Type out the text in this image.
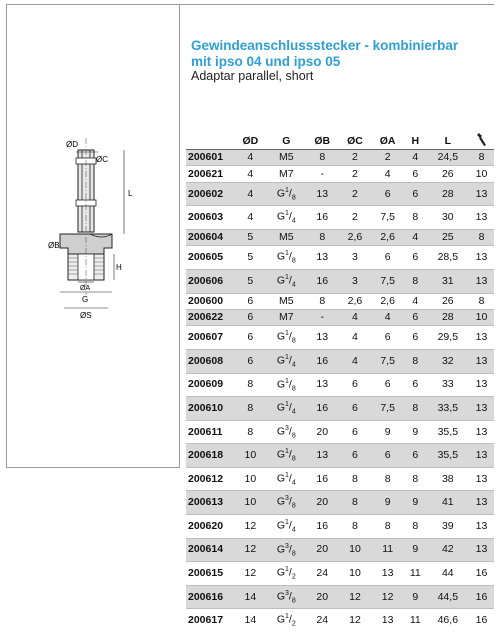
Gewindeanschlussstecker - kombinierbar
mit ipso 04 und ipso 05
Adaptar parallel, short
ØD
ØC
L
H
ØA
G
ØS
ØB
	ØD	G	ØB	ØC	ØA	H	L	
200601	4	M5	8	2	2	4	24,5	8
200621	4	M7	-	2	4	6	26	10
200602	4	$G^1/_8$	13	2	6	6	28	13
200603	4	$G^1/_4$	16	2	7,5	8	30	13
200604	5	M5	8	2,6	2,6	4	25	8
200605	5	$G^1/_8$	13	3	6	6	28,5	13
200606	5	$G^1/_4$	16	3	7,5	8	31	13
200600	6	M5	8	2,6	2,6	4	26	8
200622	6	M7	-	4	4	6	28	10
200607	6	$G^1/_8$	13	4	6	6	29,5	13
200608	6	$G^1/_4$	16	4	7,5	8	32	13
200609	8	$G^1/_8$	13	6	6	6	33	13
200610	8	$G^1/_4$	16	6	7,5	8	33,5	13
200611	8	$G^3/_8$	20	6	9	9	35,5	13
200618	10	$G^1/_8$	13	6	6	6	35,5	13
200612	10	$G^1/_4$	16	8	8	8	38	13
200613	10	$G^3/_8$	20	8	9	9	41	13
200620	12	$G^1/_4$	16	8	8	8	39	13
200614	12	$G^3/_8$	20	10	11	9	42	13
200615	12	$G^1/_2$	24	10	13	11	44	16
200616	14	$G^3/_8$	20	12	12	9	44,5	16
200617	14	$G^1/_2$	24	12	13	11	46,6	16
